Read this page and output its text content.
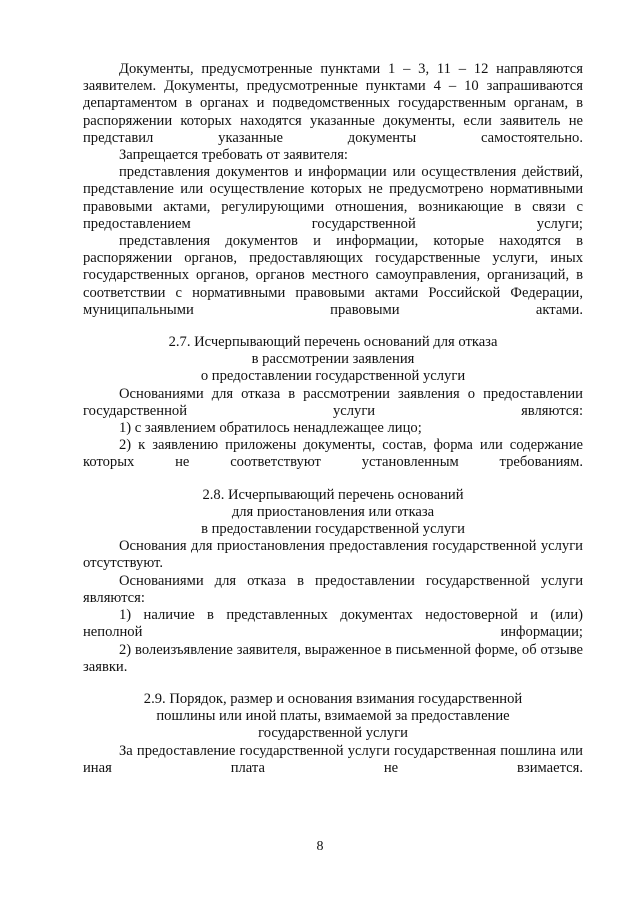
Документы, предусмотренные пунктами 1 – 3, 11 – 12 направляются заявителем. Документы, предусмотренные пунктами 4 – 10 запрашиваются департаментом в органах и подведомственных государственным органам, в распоряжении которых находятся указанные документы, если заявитель не представил указанные документы самостоятельно.

Запрещается требовать от заявителя:

представления документов и информации или осуществления действий, представление или осуществление которых не предусмотрено нормативными правовыми актами, регулирующими отношения, возникающие в связи с предоставлением государственной услуги;

представления документов и информации, которые находятся в распоряжении органов, предоставляющих государственные услуги, иных государственных органов, органов местного самоуправления, организаций, в соответствии с нормативными правовыми актами Российской Федерации, муниципальными правовыми актами.

2.7. Исчерпывающий перечень оснований для отказа
в рассмотрении заявления
о предоставлении государственной услуги

Основаниями для отказа в рассмотрении заявления о предоставлении государственной услуги являются:

1) с заявлением обратилось ненадлежащее лицо;

2) к заявлению приложены документы, состав, форма или содержание которых не соответствуют установленным требованиям.

2.8. Исчерпывающий перечень оснований
для приостановления или отказа
в предоставлении государственной услуги

Основания для приостановления предоставления государственной услуги отсутствуют.

Основаниями для отказа в предоставлении государственной услуги являются:

1) наличие в представленных документах недостоверной и (или) неполной информации;

2) волеизъявление заявителя, выраженное в письменной форме, об отзыве заявки.

2.9. Порядок, размер и основания взимания государственной
пошлины или иной платы, взимаемой за предоставление
государственной услуги

За предоставление государственной услуги государственная пошлина или иная плата не взимается.

8
